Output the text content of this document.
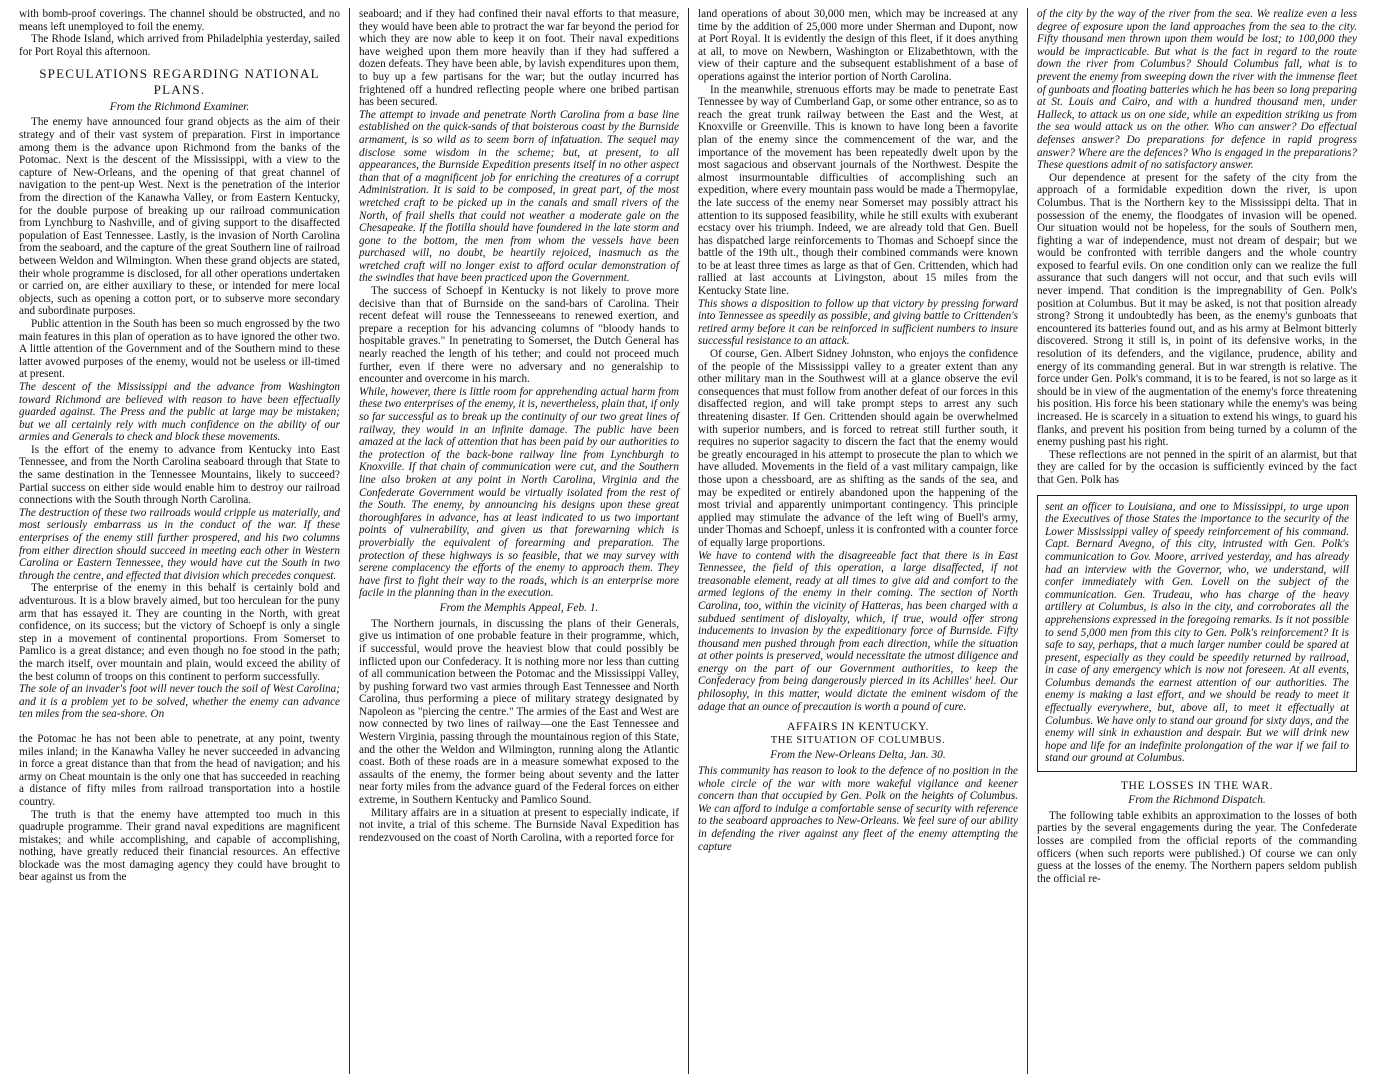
with bomb-proof coverings. The channel should be obstructed, and no means left unemployed to foil the enemy.

The Rhode Island, which arrived from Philadelphia yesterday, sailed for Port Royal this afternoon.

SPECULATIONS REGARDING NATIONAL
PLANS.
From the Richmond Examiner.

The enemy have announced four grand objects as the aim of their strategy and of their vast system of preparation. First in importance among them is the advance upon Richmond from the banks of the Potomac. Next is the descent of the Mississippi, with a view to the capture of New-Orleans, and the opening of that great channel of navigation to the pent-up West. Next is the penetration of the interior from the direction of the Kanawha Valley, or from Eastern Kentucky, for the double purpose of breaking up our railroad communication from Lynchburg to Nashville, and of giving support to the disaffected population of East Tennessee. Lastly, is the invasion of North Carolina from the seaboard, and the capture of the great Southern line of railroad between Weldon and Wilmington. When these grand objects are stated, their whole programme is disclosed, for all other operations undertaken or carried on, are either auxiliary to these, or intended for mere local objects, such as opening a cotton port, or to subserve more secondary and subordinate purposes.

Public attention in the South has been so much engrossed by the two main features in this plan of operation as to have ignored the other two. A little attention of the Government and of the Southern mind to these latter avowed purposes of the enemy, would not be useless or ill-timed at present.

The descent of the Mississippi and the advance from Washington toward Richmond are believed with reason to have been effectually guarded against. The Press and the public at large may be mistaken; but we all certainly rely with much confidence on the ability of our armies and Generals to check and block these movements.

Is the effort of the enemy to advance from Kentucky into East Tennessee, and from the North Carolina seaboard through that State to the same destination in the Tennessee Mountains, likely to succeed? Partial success on either side would enable him to destroy our railroad connections with the South through North Carolina.

The destruction of these two railroads would cripple us materially, and most seriously embarrass us in the conduct of the war. If these enterprises of the enemy still further prospered, and his two columns from either direction should succeed in meeting each other in Western Carolina or Eastern Tennessee, they would have cut the South in two through the centre, and effected that division which precedes conquest.

The enterprise of the enemy in this behalf is certainly bold and adventurous. It is a blow bravely aimed, but too herculean for the puny arm that has essayed it. They are counting in the North, with great confidence, on its success; but the victory of Schoepf is only a single step in a movement of continental proportions. From Somerset to Pamlico is a great distance; and even though no foe stood in the path; the march itself, over mountain and plain, would exceed the ability of the best column of troops on this continent to perform successfully.

The sole of an invader's foot will never touch the soil of West Carolina; and it is a problem yet to be solved, whether the enemy can advance ten miles from the sea-shore. On

the Potomac he has not been able to penetrate, at any point, twenty miles inland; in the Kanawha Valley he never succeeded in advancing in force a great distance than that from the head of navigation; and his army on Cheat mountain is the only one that has succeeded in reaching a distance of fifty miles from railroad transportation into a hostile country.

The truth is that the enemy have attempted too much in this quadruple programme. Their grand naval expeditions are magnificent mistakes; and while accomplishing, and capable of accomplishing, nothing, have greatly reduced their financial resources. An effective blockade was the most damaging agency they could have brought to bear against us from the

seaboard; and if they had confined their naval efforts to that measure, they would have been able to protract the war far beyond the period for which they are now able to keep it on foot. Their naval expeditions have weighed upon them more heavily than if they had suffered a dozen defeats. They have been able, by lavish expenditures upon them, to buy up a few partisans for the war; but the outlay incurred has frightened off a hundred reflecting people where one bribed partisan has been secured.

The attempt to invade and penetrate North Carolina from a base line established on the quick-sands of that boisterous coast by the Burnside armament, is so wild as to seem born of infatuation. The sequel may disclose some wisdom in the scheme; but, at present, to all appearances, the Burnside Expedition presents itself in no other aspect than that of a magnificent job for enriching the creatures of a corrupt Administration. It is said to be composed, in great part, of the most wretched craft to be picked up in the canals and small rivers of the North, of frail shells that could not weather a moderate gale on the Chesapeake. If the flotilla should have foundered in the late storm and gone to the bottom, the men from whom the vessels have been purchased will, no doubt, be heartily rejoiced, inasmuch as the wretched craft will no longer exist to afford ocular demonstration of the swindles that have been practiced upon the Government.

The success of Schoepf in Kentucky is not likely to prove more decisive than that of Burnside on the sand-bars of Carolina. Their recent defeat will rouse the Tennesseeans to renewed exertion, and prepare a reception for his advancing columns of "bloody hands to hospitable graves." In penetrating to Somerset, the Dutch General has nearly reached the length of his tether; and could not proceed much further, even if there were no adversary and no generalship to encounter and overcome in his march.

While, however, there is little room for apprehending actual harm from these two enterprises of the enemy, it is, nevertheless, plain that, if only so far successful as to break up the continuity of our two great lines of railway, they would in an infinite damage. The public have been amazed at the lack of attention that has been paid by our authorities to the protection of the back-bone railway line from Lynchburgh to Knoxville. If that chain of communication were cut, and the Southern line also broken at any point in North Carolina, Virginia and the Confederate Government would be virtually isolated from the rest of the South. The enemy, by announcing his designs upon these great thoroughfares in advance, has at least indicated to us two important points of vulnerability, and given us that forewarning which is proverbially the equivalent of forearming and preparation. The protection of these highways is so feasible, that we may survey with serene complacency the efforts of the enemy to approach them. They have first to fight their way to the roads, which is an enterprise more facile in the planning than in the execution.

From the Memphis Appeal, Feb. 1.

The Northern journals, in discussing the plans of their Generals, give us intimation of one probable feature in their programme, which, if successful, would prove the heaviest blow that could possibly be inflicted upon our Confederacy. It is nothing more nor less than cutting of all communication between the Potomac and the Mississippi Valley, by pushing forward two vast armies through East Tennessee and North Carolina, thus performing a piece of military strategy designated by Napoleon as "piercing the centre." The armies of the East and West are now connected by two lines of railway—one the East Tennessee and Western Virginia, passing through the mountainous region of this State, and the other the Weldon and Wilmington, running along the Atlantic coast. Both of these roads are in a measure somewhat exposed to the assaults of the enemy, the former being about seventy and the latter near forty miles from the advance guard of the Federal forces on either extreme, in Southern Kentucky and Pamlico Sound.

Military affairs are in a situation at present to especially indicate, if not invite, a trial of this scheme. The Burnside Naval Expedition has rendezvoused on the coast of North Carolina, with a reported force for

land operations of about 30,000 men, which may be increased at any time by the addition of 25,000 more under Sherman and Dupont, now at Port Royal. It is evidently the design of this fleet, if it does anything at all, to move on Newbern, Washington or Elizabethtown, with the view of their capture and the subsequent establishment of a base of operations against the interior portion of North Carolina.

In the meanwhile, strenuous efforts may be made to penetrate East Tennessee by way of Cumberland Gap, or some other entrance, so as to reach the great trunk railway between the East and the West, at Knoxville or Greenville. This is known to have long been a favorite plan of the enemy since the commencement of the war, and the importance of the movement has been repeatedly dwelt upon by the most sagacious and observant journals of the Northwest. Despite the almost insurmountable difficulties of accomplishing such an expedition, where every mountain pass would be made a Thermopylae, the late success of the enemy near Somerset may possibly attract his attention to its supposed feasibility, while he still exults with exuberant ecstacy over his triumph. Indeed, we are already told that Gen. Buell has dispatched large reinforcements to Thomas and Schoepf since the battle of the 19th ult., though their combined commands were known to be at least three times as large as that of Gen. Crittenden, which had rallied at last accounts at Livingston, about 15 miles from the Kentucky State line.

This shows a disposition to follow up that victory by pressing forward into Tennessee as speedily as possible, and giving battle to Crittenden's retired army before it can be reinforced in sufficient numbers to insure successful resistance to an attack.

Of course, Gen. Albert Sidney Johnston, who enjoys the confidence of the people of the Mississippi valley to a greater extent than any other military man in the Southwest will at a glance observe the evil consequences that must follow from another defeat of our forces in this disaffected region, and will take prompt steps to arrest any such threatening disaster. If Gen. Crittenden should again be overwhelmed with superior numbers, and is forced to retreat still further south, it requires no superior sagacity to discern the fact that the enemy would be greatly encouraged in his attempt to prosecute the plan to which we have alluded. Movements in the field of a vast military campaign, like those upon a chessboard, are as shifting as the sands of the sea, and may be expedited or entirely abandoned upon the happening of the most trivial and apparently unimportant contingency. This principle applied may stimulate the advance of the left wing of Buell's army, under Thomas and Schoepf, unless it is confronted with a counter force of equally large proportions.

We have to contend with the disagreeable fact that there is in East Tennessee, the field of this operation, a large disaffected, if not treasonable element, ready at all times to give aid and comfort to the armed legions of the enemy in their coming. The section of North Carolina, too, within the vicinity of Hatteras, has been charged with a subdued sentiment of disloyalty, which, if true, would offer strong inducements to invasion by the expeditionary force of Burnside. Fifty thousand men pushed through from each direction, while the situation at other points is preserved, would necessitate the utmost diligence and energy on the part of our Government authorities, to keep the Confederacy from being dangerously pierced in its Achilles' heel. Our philosophy, in this matter, would dictate the eminent wisdom of the adage that an ounce of precaution is worth a pound of cure.

AFFAIRS IN KENTUCKY.
THE SITUATION OF COLUMBUS.
From the New-Orleans Delta, Jan. 30.

This community has reason to look to the defence of no position in the whole circle of the war with more wakeful vigilance and keener concern than that occupied by Gen. Polk on the heights of Columbus. We can afford to indulge a comfortable sense of security with reference to the seaboard approaches to New-Orleans. We feel sure of our ability in defending the river against any fleet of the enemy attempting the capture

of the city by the way of the river from the sea. We realize even a less degree of exposure upon the land approaches from the sea to the city. Fifty thousand men thrown upon them would be lost; to 100,000 they would be impracticable. But what is the fact in regard to the route down the river from Columbus? Should Columbus fall, what is to prevent the enemy from sweeping down the river with the immense fleet of gunboats and floating batteries which he has been so long preparing at St. Louis and Cairo, and with a hundred thousand men, under Halleck, to attack us on one side, while an expedition striking us from the sea would attack us on the other. Who can answer? Do effectual defenses answer? Do preparations for defence in rapid progress answer? Where are the defences? Who is engaged in the preparations? These questions admit of no satisfactory answer.

Our dependence at present for the safety of the city from the approach of a formidable expedition down the river, is upon Columbus. That is the Northern key to the Mississippi delta. That in possession of the enemy, the floodgates of invasion will be opened. Our situation would not be hopeless, for the souls of Southern men, fighting a war of independence, must not dream of despair; but we would be confronted with terrible dangers and the whole country exposed to fearful evils. On one condition only can we realize the full assurance that such dangers will not occur, and that such evils will never impend. That condition is the impregnability of Gen. Polk's position at Columbus. But it may be asked, is not that position already strong? Strong it undoubtedly has been, as the enemy's gunboats that encountered its batteries found out, and as his army at Belmont bitterly discovered. Strong it still is, in point of its defensive works, in the resolution of its defenders, and the vigilance, prudence, ability and energy of its commanding general. But in war strength is relative. The force under Gen. Polk's command, it is to be feared, is not so large as it should be in view of the augmentation of the enemy's force threatening his position. His force his been stationary while the enemy's was being increased. He is scarcely in a situation to extend his wings, to guard his flanks, and prevent his position from being turned by a column of the enemy pushing past his right.

These reflections are not penned in the spirit of an alarmist, but that they are called for by the occasion is sufficiently evinced by the fact that Gen. Polk has

sent an officer to Louisiana, and one to Mississippi, to urge upon the Executives of those States the importance to the security of the Lower Mississippi valley of speedy reinforcement of his command. Capt. Bernard Avegno, of this city, intrusted with Gen. Polk's communication to Gov. Moore, arrived yesterday, and has already had an interview with the Governor, who, we understand, will confer immediately with Gen. Lovell on the subject of the communication. Gen. Trudeau, who has charge of the heavy artillery at Columbus, is also in the city, and corroborates all the apprehensions expressed in the foregoing remarks. Is it not possible to send 5,000 men from this city to Gen. Polk's reinforcement? It is safe to say, perhaps, that a much larger number could be spared at present, especially as they could be speedily returned by railroad, in case of any emergency which is now not foreseen. At all events, Columbus demands the earnest attention of our authorities. The enemy is making a last effort, and we should be ready to meet it effectually everywhere, but, above all, to meet it effectually at Columbus. We have only to stand our ground for sixty days, and the enemy will sink in exhaustion and despair. But we will drink new hope and life for an indefinite prolongation of the war if we fail to stand our ground at Columbus.

THE LOSSES IN THE WAR.
From the Richmond Dispatch.

The following table exhibits an approximation to the losses of both parties by the several engagements during the year. The Confederate losses are compiled from the official reports of the commanding officers (when such reports were published.) Of course we can only guess at the losses of the enemy. The Northern papers seldom publish the official re-
